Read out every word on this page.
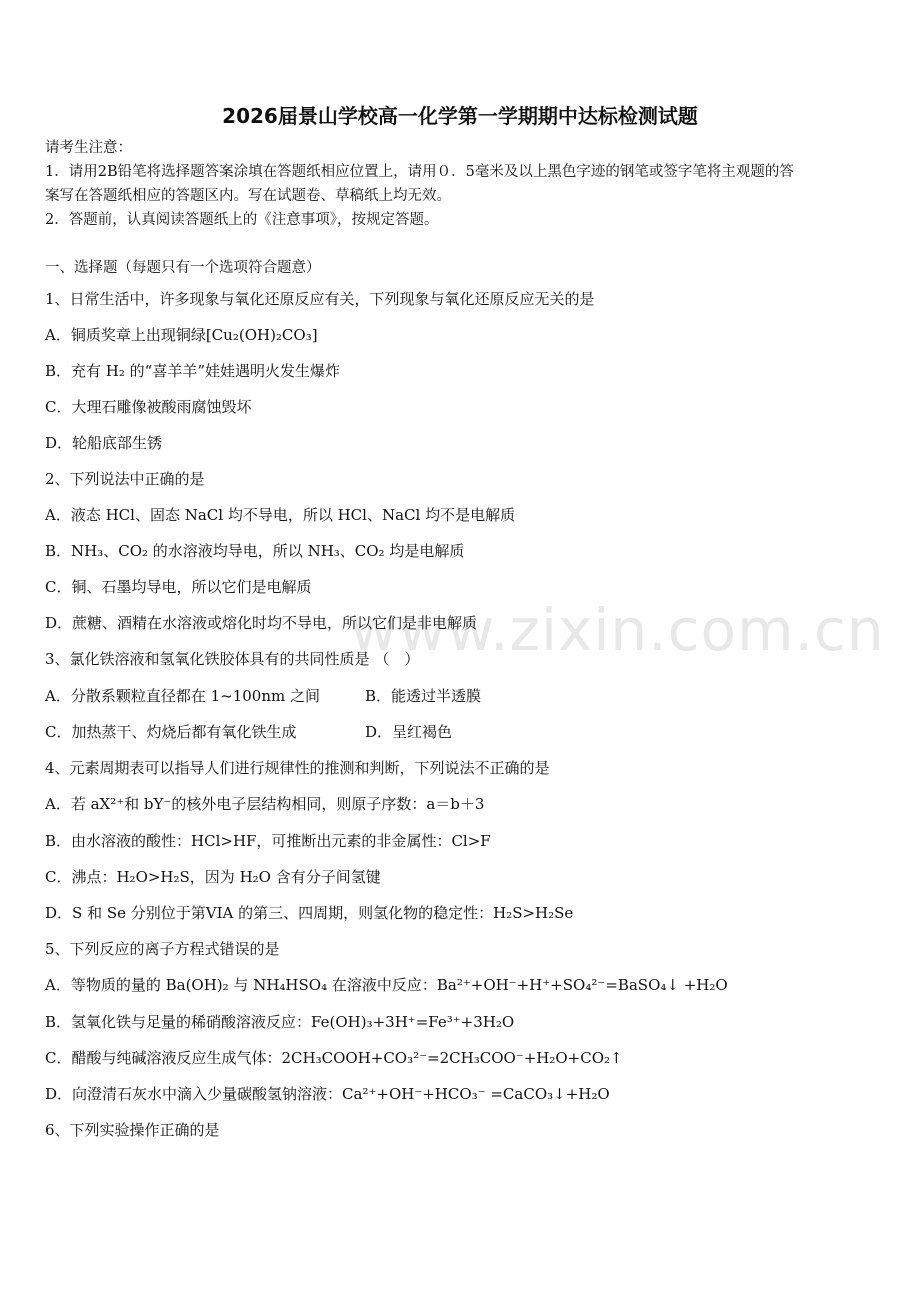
2026届景山学校高一化学第一学期期中达标检测试题
请考生注意：
1．请用2B铅笔将选择题答案涂填在答题纸相应位置上，请用０．5毫米及以上黑色字迹的钢笔或签字笔将主观题的答
案写在答题纸相应的答题区内。写在试题卷、草稿纸上均无效。
2．答题前，认真阅读答题纸上的《注意事项》，按规定答题。
一、选择题（每题只有一个选项符合题意）
www.zixin.com.cn
1、日常生活中，许多现象与氧化还原反应有关，下列现象与氧化还原反应无关的是
A．铜质奖章上出现铜绿[Cu₂(OH)₂CO₃]
B．充有 H₂ 的“喜羊羊”娃娃遇明火发生爆炸
C．大理石雕像被酸雨腐蚀毁坏
D．轮船底部生锈
2、下列说法中正确的是
A．液态 HCl、固态 NaCl 均不导电，所以 HCl、NaCl 均不是电解质
B．NH₃、CO₂ 的水溶液均导电，所以 NH₃、CO₂ 均是电解质
C．铜、石墨均导电，所以它们是电解质
D．蔗糖、酒精在水溶液或熔化时均不导电，所以它们是非电解质
3、氯化铁溶液和氢氧化铁胶体具有的共同性质是 （　）
A．分散系颗粒直径都在 1~100nm 之间	B．能透过半透膜
C．加热蒸干、灼烧后都有氧化铁生成	D．呈红褐色
4、元素周期表可以指导人们进行规律性的推测和判断，下列说法不正确的是
A．若 aX²⁺和 bY⁻的核外电子层结构相同，则原子序数：a＝b＋3
B．由水溶液的酸性：HCl>HF，可推断出元素的非金属性：Cl>F
C．沸点：H₂O>H₂S，因为 H₂O 含有分子间氢键
D．S 和 Se 分别位于第VIA 的第三、四周期，则氢化物的稳定性：H₂S>H₂Se
5、下列反应的离子方程式错误的是
A．等物质的量的 Ba(OH)₂ 与 NH₄HSO₄ 在溶液中反应：Ba²⁺+OH⁻+H⁺+SO₄²⁻=BaSO₄↓ +H₂O
B．氢氧化铁与足量的稀硝酸溶液反应：Fe(OH)₃+3H⁺=Fe³⁺+3H₂O
C．醋酸与纯碱溶液反应生成气体：2CH₃COOH+CO₃²⁻=2CH₃COO⁻+H₂O+CO₂↑
D．向澄清石灰水中滴入少量碳酸氢钠溶液：Ca²⁺+OH⁻+HCO₃⁻ =CaCO₃↓+H₂O
6、下列实验操作正确的是
